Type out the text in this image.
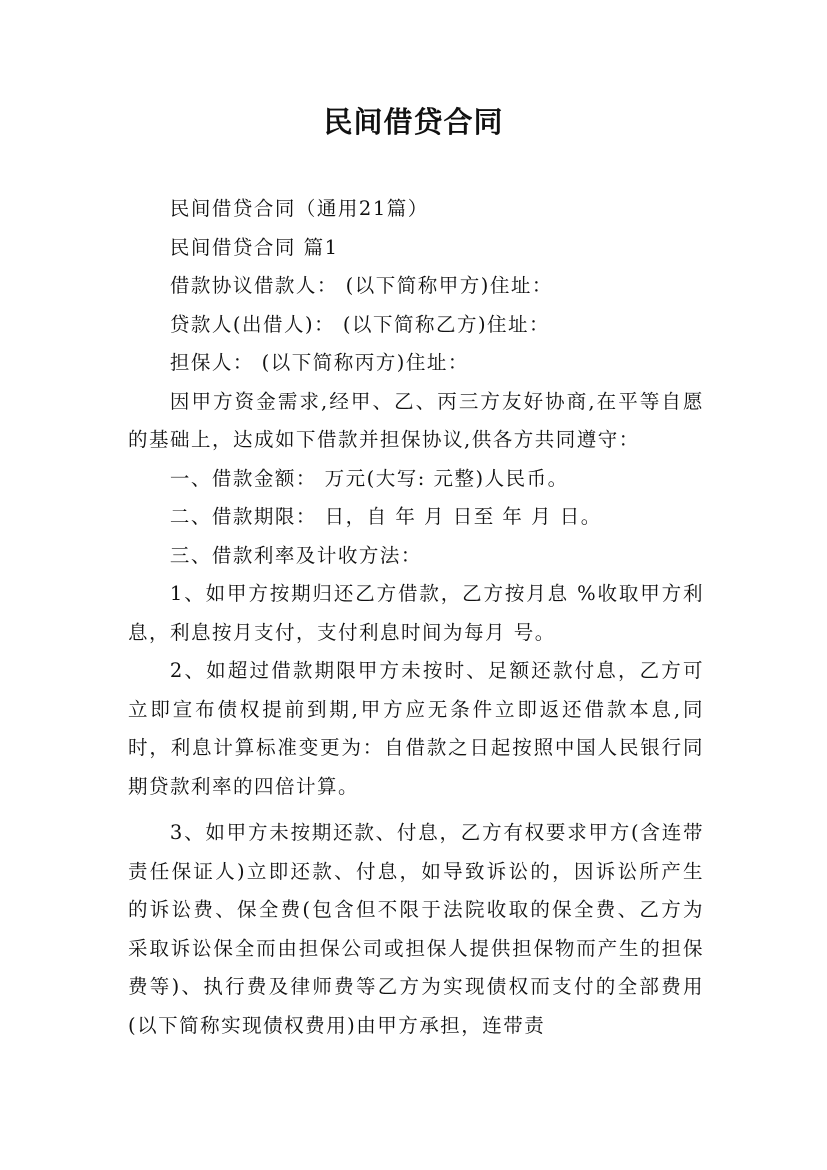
民间借贷合同

民间借贷合同（通用21篇）

民间借贷合同 篇1

借款协议借款人： (以下简称甲方)住址：

贷款人(出借人)： (以下简称乙方)住址：

担保人： (以下简称丙方)住址：

因甲方资金需求,经甲、乙、丙三方友好协商,在平等自愿的基础上，达成如下借款并担保协议,供各方共同遵守：

一、借款金额： 万元(大写: 元整)人民币。

二、借款期限： 日，自 年 月 日至 年 月 日。

三、借款利率及计收方法：

1、如甲方按期归还乙方借款，乙方按月息 %收取甲方利息，利息按月支付，支付利息时间为每月 号。

2、如超过借款期限甲方未按时、足额还款付息，乙方可立即宣布债权提前到期,甲方应无条件立即返还借款本息,同时，利息计算标准变更为：自借款之日起按照中国人民银行同期贷款利率的四倍计算。

3、如甲方未按期还款、付息，乙方有权要求甲方(含连带责任保证人)立即还款、付息，如导致诉讼的，因诉讼所产生的诉讼费、保全费(包含但不限于法院收取的保全费、乙方为采取诉讼保全而由担保公司或担保人提供担保物而产生的担保费等)、执行费及律师费等乙方为实现债权而支付的全部费用(以下简称实现债权费用)由甲方承担，连带责
